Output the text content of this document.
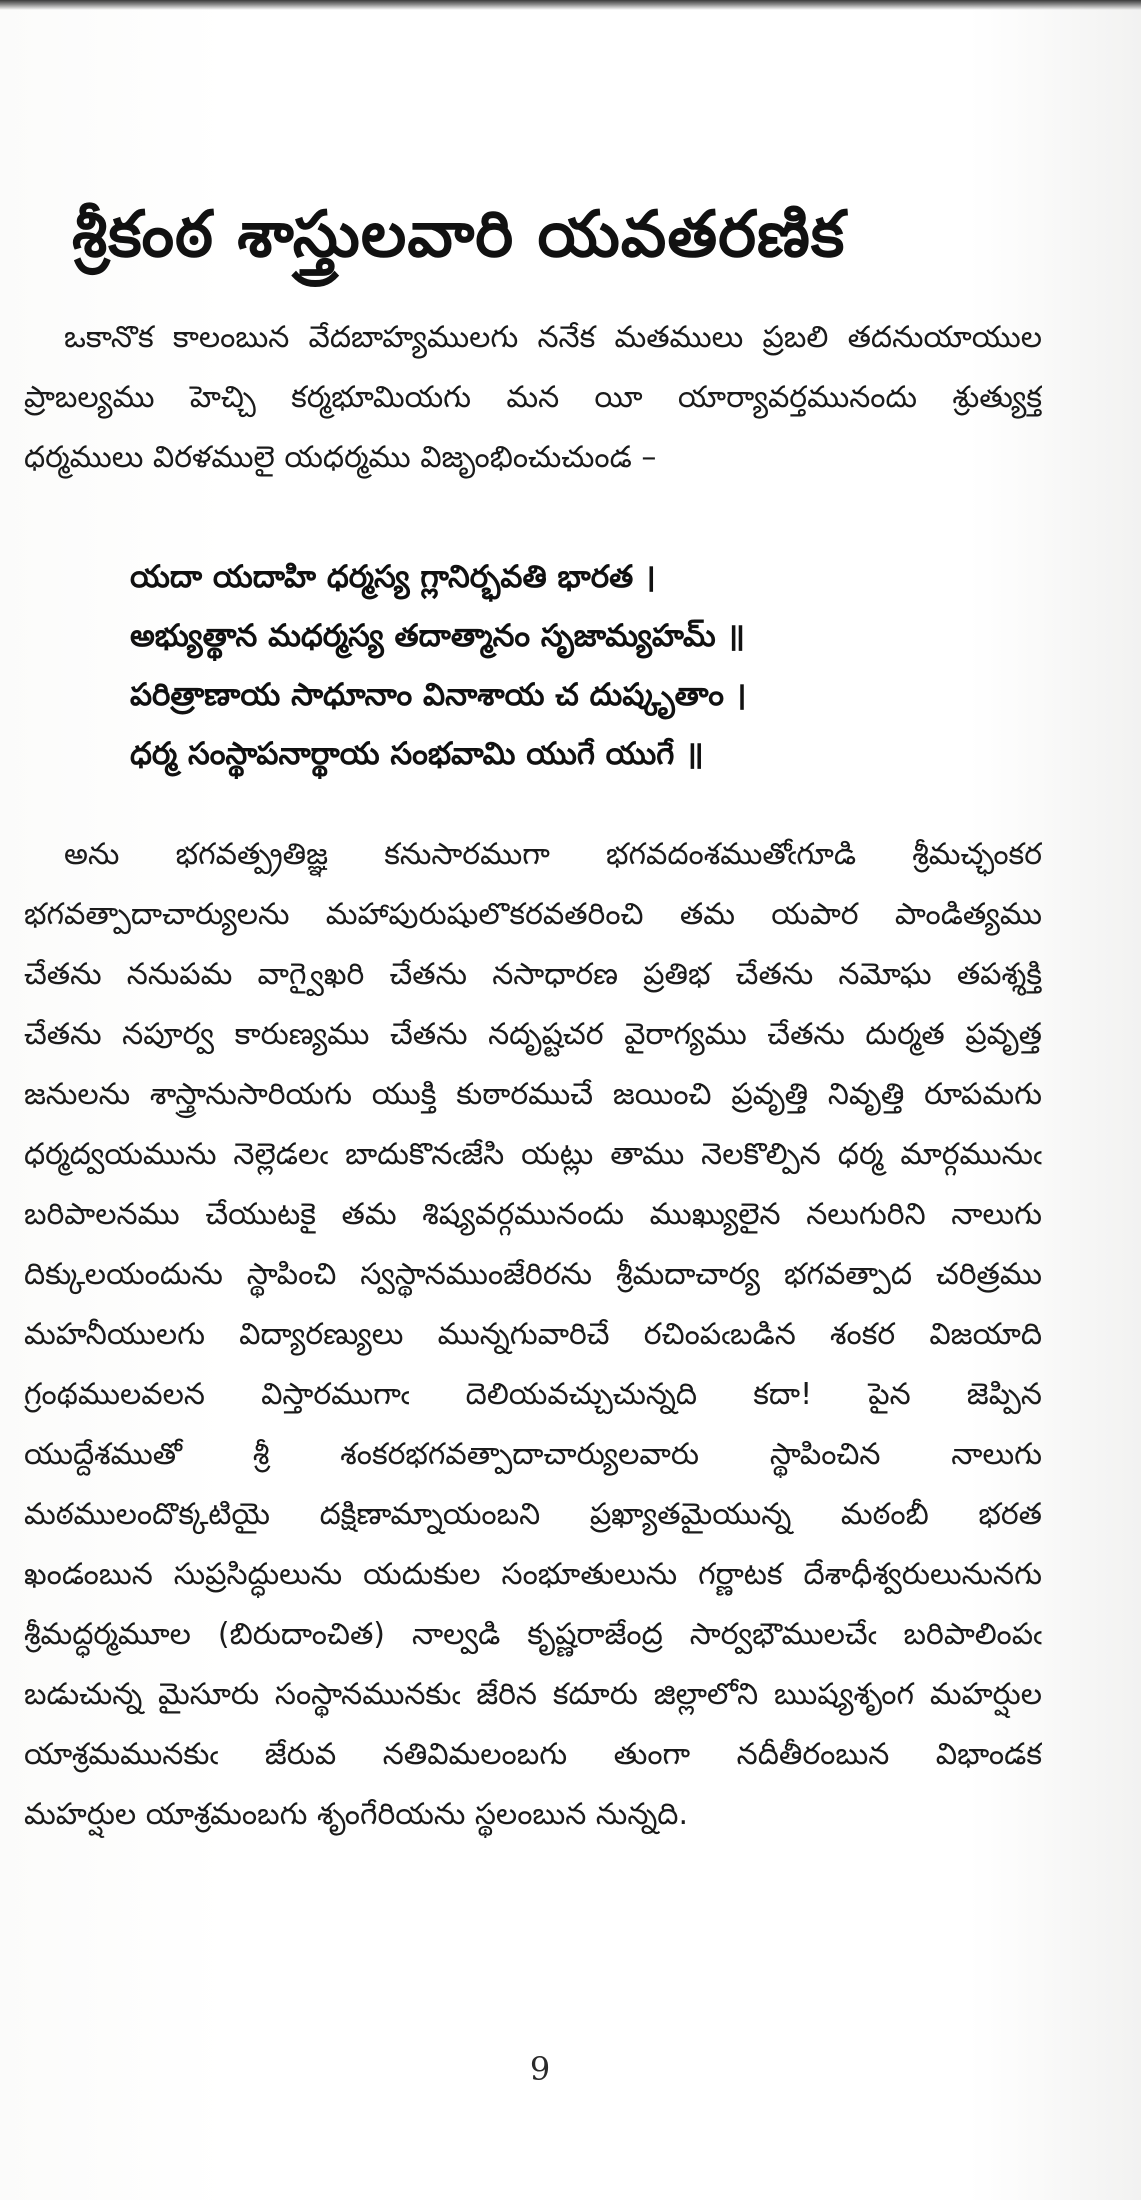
శ్రీకంఠ శాస్త్రులవారి యవతరణిక
ఒకానొక కాలంబున వేదబాహ్యములగు ననేక మతములు ప్రబలి తదనుయాయుల
ప్రాబల్యము హెచ్చి కర్మభూమియగు మన యీ యార్యావర్తమునందు శ్రుత్యుక్త
ధర్మములు విరళములై యధర్మము విజృంభించుచుండ –
యదా యదాహి ధర్మస్య గ్లానిర్భవతి భారత ।
అభ్యుత్థాన మధర్మస్య తదాత్మానం సృజామ్యహమ్ ॥
పరిత్రాణాయ సాధూనాం వినాశాయ చ దుష్కృతాం ।
ధర్మ సంస్థాపనార్థాయ సంభవామి యుగే యుగే ॥
అను భగవత్ప్రతిజ్ఞ కనుసారముగా భగవదంశముతోఁగూడి శ్రీమచ్ఛంకర
భగవత్పాదాచార్యులను మహాపురుషులొకరవతరించి తమ యపార పాండిత్యము
చేతను ననుపమ వాగ్వైఖరి చేతను నసాధారణ ప్రతిభ చేతను నమోఘ తపశ్శక్తి
చేతను నపూర్వ కారుణ్యము చేతను నదృష్టచర వైరాగ్యము చేతను దుర్మత ప్రవృత్త
జనులను శాస్త్రానుసారియగు యుక్తి కుఠారముచే జయించి ప్రవృత్తి నివృత్తి రూపమగు
ధర్మద్వయమును నెల్లెడలఁ బాదుకొనఁజేసి యట్లు తాము నెలకొల్పిన ధర్మ మార్గమునుఁ
బరిపాలనము చేయుటకై తమ శిష్యవర్గమునందు ముఖ్యులైన నలుగురిని నాలుగు
దిక్కులయందును స్థాపించి స్వస్థానముంజేరిరను శ్రీమదాచార్య భగవత్పాద చరిత్రము
మహనీయులగు విద్యారణ్యులు మున్నగువారిచే రచింపఁబడిన శంకర విజయాది
గ్రంథములవలన విస్తారముగాఁ దెలియవచ్చుచున్నది కదా! పైన జెప్పిన
యుద్దేశముతో శ్రీ శంకరభగవత్పాదాచార్యులవారు స్థాపించిన నాలుగు
మఠములందొక్కటియై దక్షిణామ్నాయంబని ప్రఖ్యాతమైయున్న మఠంబీ భరత
ఖండంబున సుప్రసిద్ధులును యదుకుల సంభూతులును గర్ణాటక దేశాధీశ్వరులునునగు
శ్రీమద్ధర్మమూల (బిరుదాంచిత) నాల్వడి కృష్ణరాజేంద్ర సార్వభౌములచేఁ బరిపాలింపఁ
బడుచున్న మైసూరు సంస్థానమునకుఁ జేరిన కదూరు జిల్లాలోని ఋష్యశృంగ మహర్షుల
యాశ్రమమునకుఁ జేరువ నతివిమలంబగు తుంగా నదీతీరంబున విభాండక
మహర్షుల యాశ్రమంబగు శృంగేరియను స్థలంబున నున్నది.
9
